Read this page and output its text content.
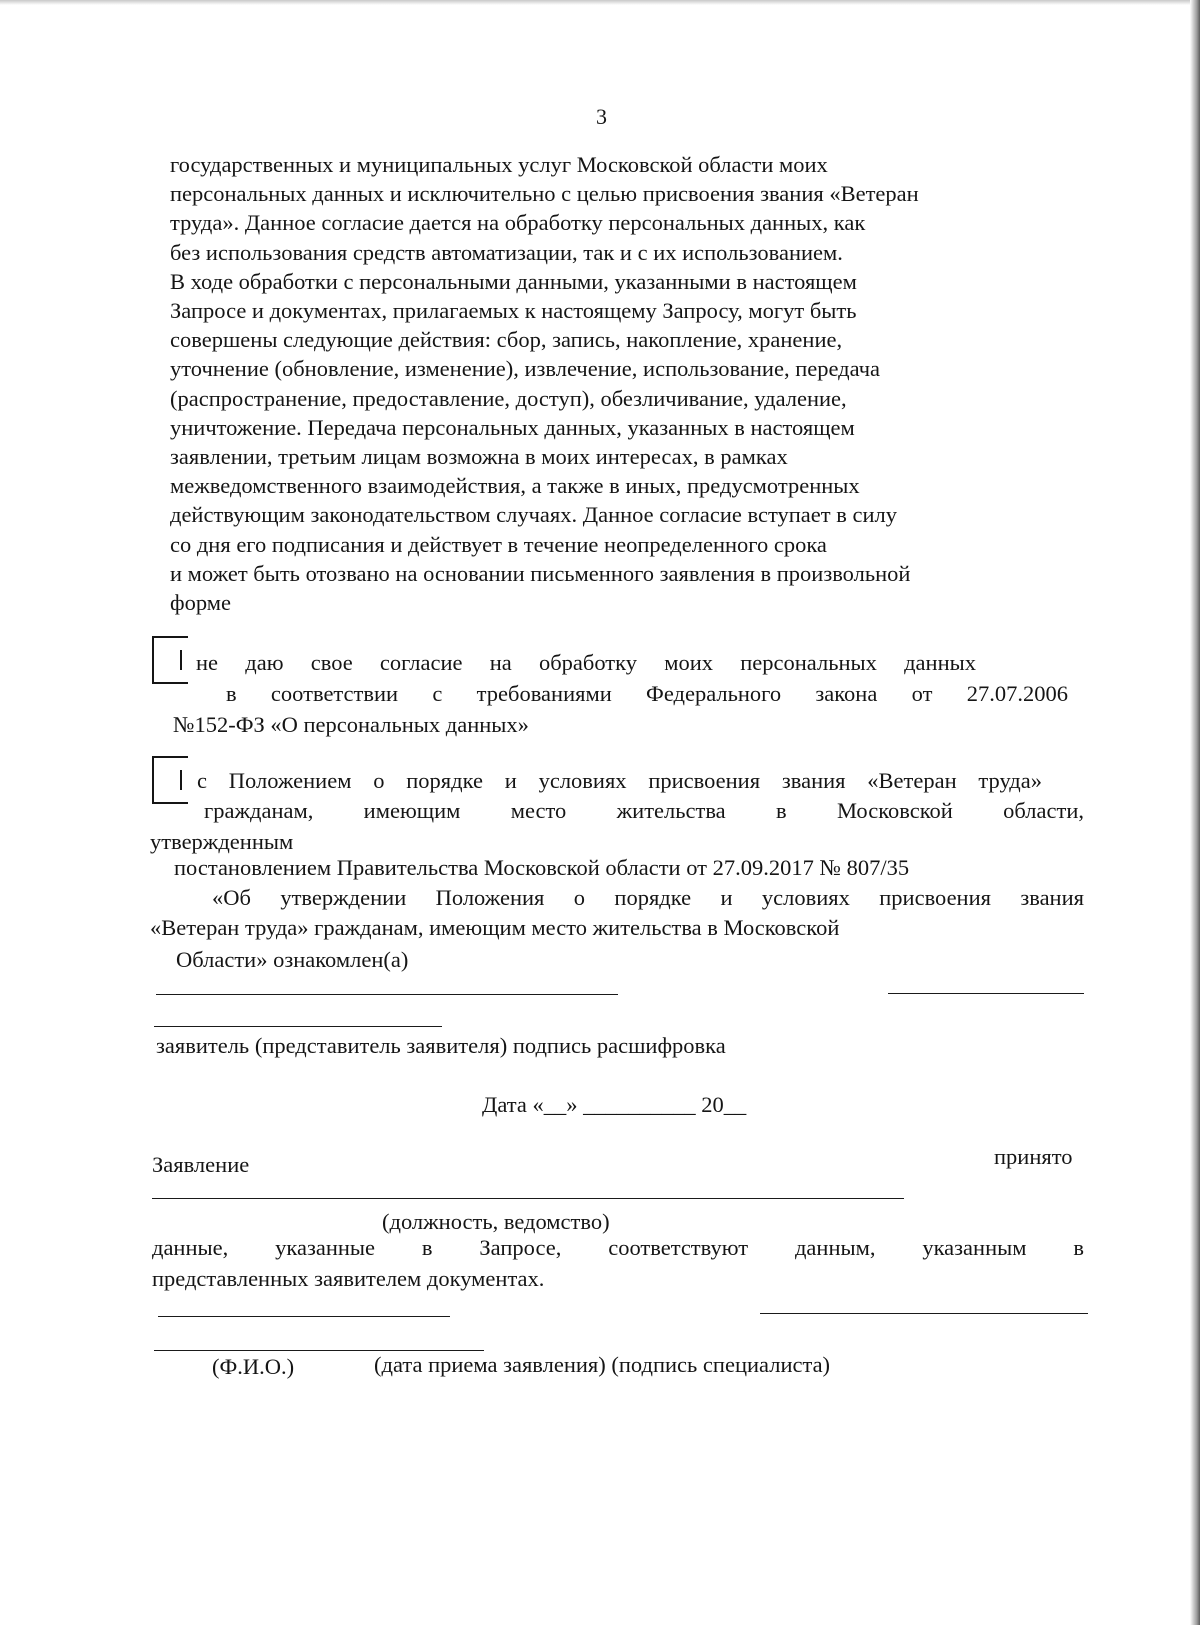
3
государственных и муниципальных услуг Московской области моих
персональных данных и исключительно с целью присвоения звания «Ветеран
труда». Данное согласие дается на обработку персональных данных, как
без использования средств автоматизации, так и с их использованием.
В ходе обработки с персональными данными, указанными в настоящем
Запросе и документах, прилагаемых к настоящему Запросу, могут быть
совершены следующие действия: сбор, запись, накопление, хранение,
уточнение (обновление, изменение), извлечение, использование, передача
(распространение, предоставление, доступ), обезличивание, удаление,
уничтожение. Передача персональных данных, указанных в настоящем
заявлении, третьим лицам возможна в моих интересах, в рамках
межведомственного взаимодействия, а также в иных, предусмотренных
действующим законодательством случаях. Данное согласие вступает в силу
со дня его подписания и действует в течение неопределенного срока
и может быть отозвано на основании письменного заявления в произвольной
форме
не даю свое согласие на обработку моих персональных данных
в соответствии с требованиями Федерального закона от 27.07.2006
№152-ФЗ «О персональных данных»
с Положением о порядке и условиях присвоения звания «Ветеран труда»
гражданам, имеющим место жительства в Московской области,
утвержденным
постановлением Правительства Московской области от 27.09.2017 № 807/35
«Об утверждении Положения о порядке и условиях присвоения звания
«Ветеран труда» гражданам, имеющим место жительства в Московской
Области» ознакомлен(а)
заявитель (представитель заявителя) подпись расшифровка
Дата «__» __________ 20__
Заявление	принято
(должность, ведомство)
данные, указанные в Запросе, соответствуют данным, указанным в
представленных заявителем документах.
(Ф.И.О.)	(дата приема заявления) (подпись специалиста)
